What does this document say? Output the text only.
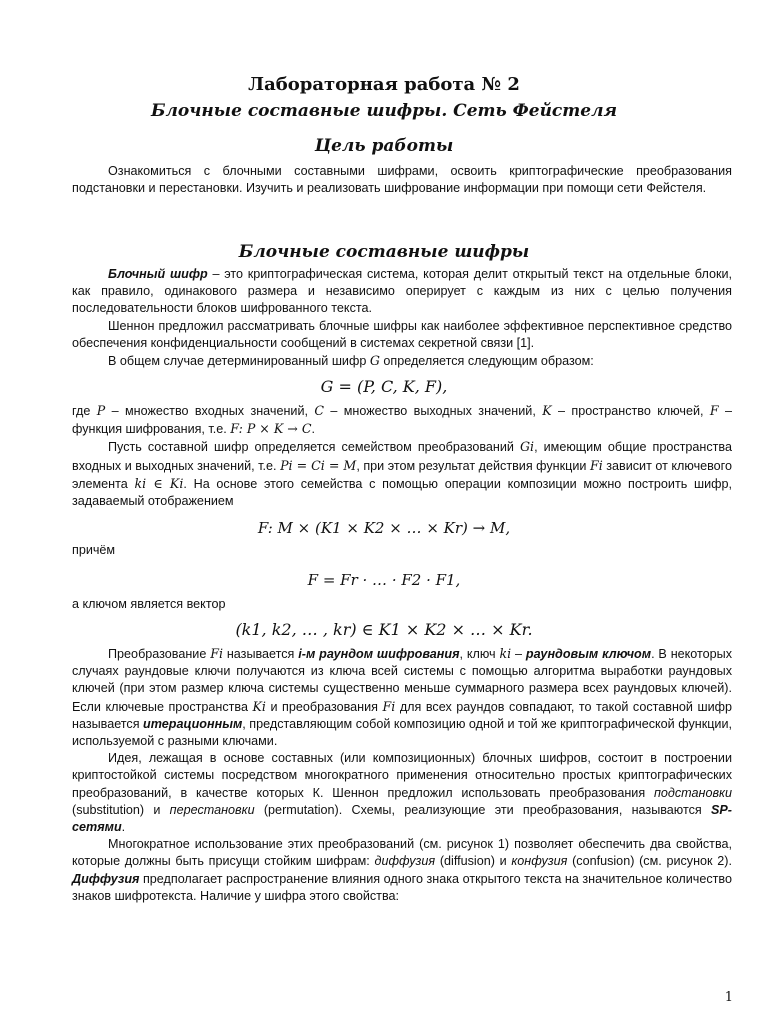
Лабораторная работа № 2
Блочные составные шифры. Сеть Фейстеля
Цель работы

Ознакомиться с блочными составными шифрами, освоить криптографические преобразования подстановки и перестановки. Изучить и реализовать шифрование информации при помощи сети Фейстеля.

Блочные составные шифры

Блочный шифр – это криптографическая система, которая делит открытый текст на отдельные блоки, как правило, одинакового размера и независимо оперирует с каждым из них с целью получения последовательности блоков шифрованного текста.

Шеннон предложил рассматривать блочные шифры как наиболее эффективное перспективное средство обеспечения конфиденциальности сообщений в системах секретной связи [1].

В общем случае детерминированный шифр G определяется следующим образом:

G = (P, C, K, F),

где P – множество входных значений, C – множество выходных значений, K – пространство ключей, F – функция шифрования, т.е. F: P × K → C.

Пусть составной шифр определяется семейством преобразований Gi, имеющим общие пространства входных и выходных значений, т.е. Pi = Ci = M, при этом результат действия функции Fi зависит от ключевого элемента ki ∈ Ki. На основе этого семейства с помощью операции композиции можно построить шифр, задаваемый отображением

F: M × (K1 × K2 × … × Kr) → M,

причём

F = Fr · … · F2 · F1,

а ключом является вектор

(k1, k2, … , kr) ∈ K1 × K2 × … × Kr.

Преобразование Fi называется i-м раундом шифрования, ключ ki – раундовым ключом. В некоторых случаях раундовые ключи получаются из ключа всей системы с помощью алгоритма выработки раундовых ключей (при этом размер ключа системы существенно меньше суммарного размера всех раундовых ключей). Если ключевые пространства Ki и преобразования Fi для всех раундов совпадают, то такой составной шифр называется итерационным, представляющим собой композицию одной и той же криптографической функции, используемой с разными ключами.

Идея, лежащая в основе составных (или композиционных) блочных шифров, состоит в построении криптостойкой системы посредством многократного применения относительно простых криптографических преобразований, в качестве которых К. Шеннон предложил использовать преобразования подстановки (substitution) и перестановки (permutation). Схемы, реализующие эти преобразования, называются SP-сетями.

Многократное использование этих преобразований (см. рисунок 1) позволяет обеспечить два свойства, которые должны быть присущи стойким шифрам: диффузия (diffusion) и конфузия (confusion) (см. рисунок 2). Диффузия предполагает распространение влияния одного знака открытого текста на значительное количество знаков шифротекста. Наличие у шифра этого свойства:

1
